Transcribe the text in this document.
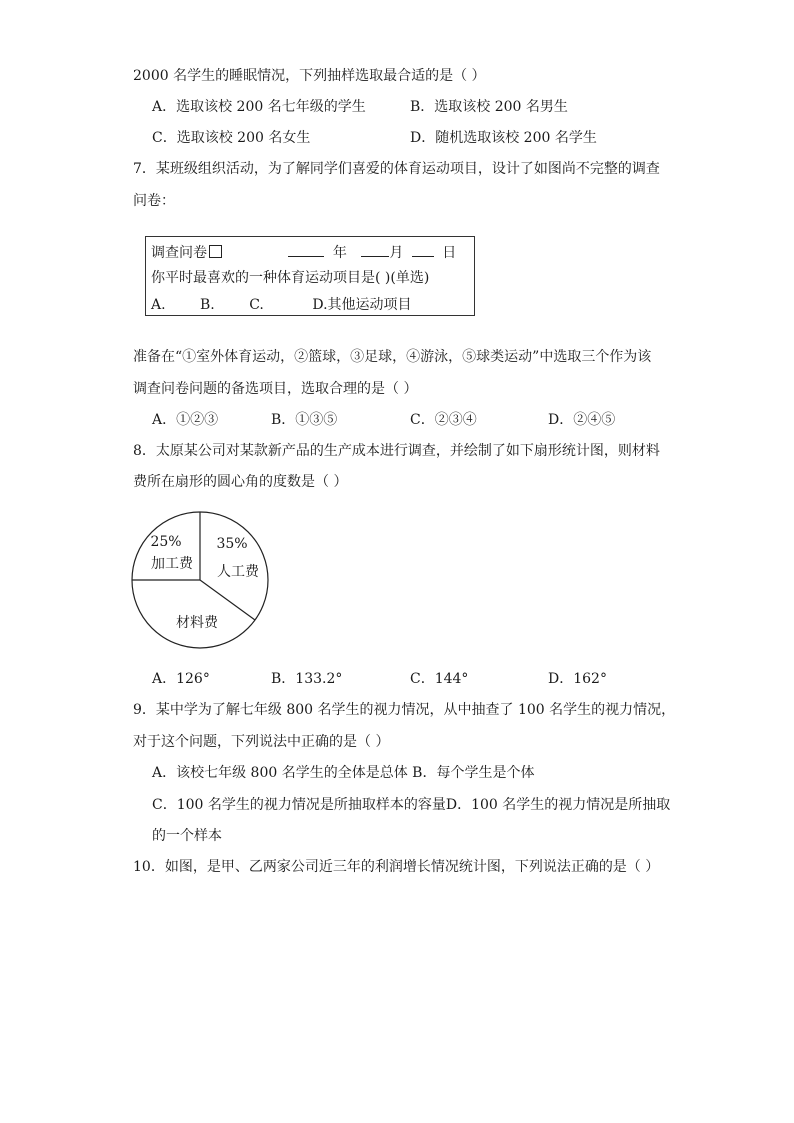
2000 名学生的睡眠情况，下列抽样选取最合适的是（ ）
A．选取该校 200 名七年级的学生	B．选取该校 200 名男生
C．选取该校 200 名女生	D．随机选取该校 200 名学生
7．某班级组织活动，为了解同学们喜爱的体育运动项目，设计了如图尚不完整的调查
问卷：
调查问卷	年	月	日
你平时最喜欢的一种体育运动项目是( )(单选)
A. B. C.	D.其他运动项目
准备在“①室外体育运动，②篮球，③足球，④游泳，⑤球类运动”中选取三个作为该
调查问卷问题的备选项目，选取合理的是（ ）
A．①②③	B．①③⑤	C．②③④	D．②④⑤
8．太原某公司对某款新产品的生产成本进行调查，并绘制了如下扇形统计图，则材料
费所在扇形的圆心角的度数是（ ）
35%
人工费
材料费
25%
加工费
A．126°	B．133.2°	C．144°	D．162°
9．某中学为了解七年级 800 名学生的视力情况，从中抽查了 100 名学生的视力情况，
对于这个问题，下列说法中正确的是（ ）
A．该校七年级 800 名学生的全体是总体 B．每个学生是个体
C．100 名学生的视力情况是所抽取样本的容量D．100 名学生的视力情况是所抽取
的一个样本
10．如图，是甲、乙两家公司近三年的利润增长情况统计图，下列说法正确的是（ ）
